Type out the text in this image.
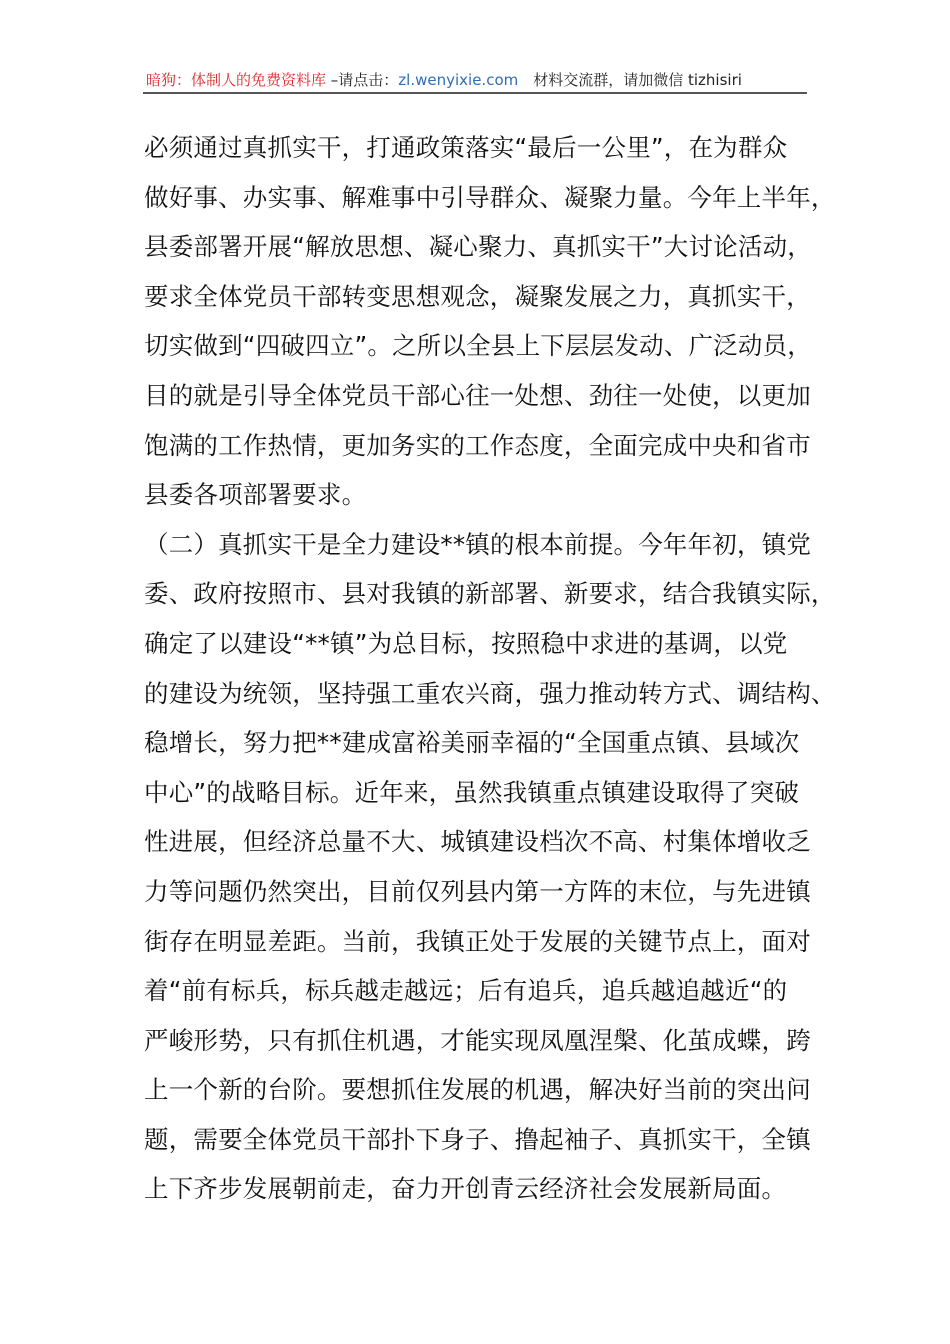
暗狗：体制人的免费资料库 –请点击：zl.wenyixie.com　材料交流群，请加微信 tizhisiri
必须通过真抓实干，打通政策落实“最后一公里”，在为群众
做好事、办实事、解难事中引导群众、凝聚力量。今年上半年，
县委部署开展“解放思想、凝心聚力、真抓实干”大讨论活动，
要求全体党员干部转变思想观念，凝聚发展之力，真抓实干，
切实做到“四破四立”。之所以全县上下层层发动、广泛动员，
目的就是引导全体党员干部心往一处想、劲往一处使，以更加
饱满的工作热情，更加务实的工作态度，全面完成中央和省市
县委各项部署要求。
（二）真抓实干是全力建设**镇的根本前提。今年年初，镇党
委、政府按照市、县对我镇的新部署、新要求，结合我镇实际，
确定了以建设“**镇”为总目标，按照稳中求进的基调，以党
的建设为统领，坚持强工重农兴商，强力推动转方式、调结构、
稳增长，努力把**建成富裕美丽幸福的“全国重点镇、县域次
中心”的战略目标。近年来，虽然我镇重点镇建设取得了突破
性进展，但经济总量不大、城镇建设档次不高、村集体增收乏
力等问题仍然突出，目前仅列县内第一方阵的末位，与先进镇
街存在明显差距。当前，我镇正处于发展的关键节点上，面对
着“前有标兵，标兵越走越远；后有追兵，追兵越追越近“的
严峻形势，只有抓住机遇，才能实现凤凰涅槃、化茧成蝶，跨
上一个新的台阶。要想抓住发展的机遇，解决好当前的突出问
题，需要全体党员干部扑下身子、撸起袖子、真抓实干，全镇
上下齐步发展朝前走，奋力开创青云经济社会发展新局面。
